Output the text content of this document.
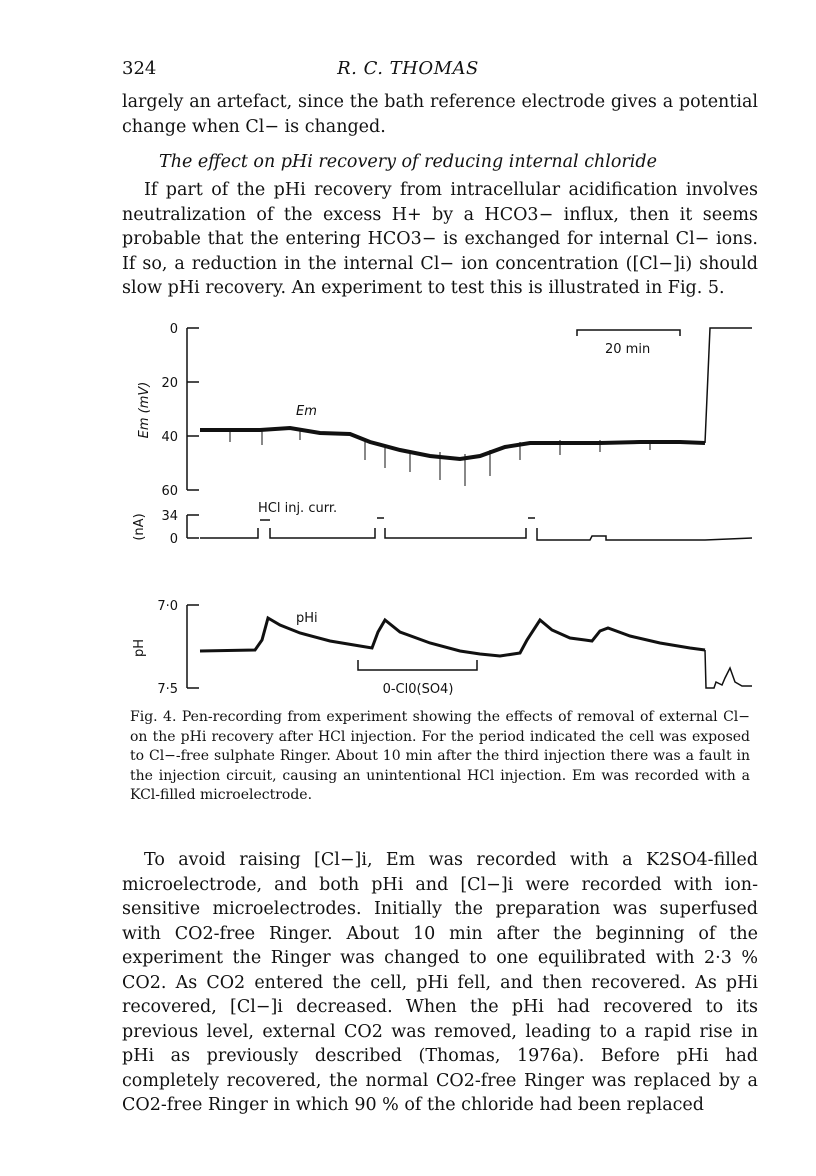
324	R. C. THOMAS

largely an artefact, since the bath reference electrode gives a potential change when Cl− is changed.

The effect on pHi recovery of reducing internal chloride

If part of the pHi recovery from intracellular acidification involves neutralization of the excess H+ by a HCO3− influx, then it seems probable that the entering HCO3− is exchanged for internal Cl− ions. If so, a reduction in the internal Cl− ion concentration ([Cl−]i) should slow pHi recovery. An experiment to test this is illustrated in Fig. 5.

0
20
40
60
Em (mV)	Em
20 min
34
0
(nA)
HCl inj. curr.
7·0
7·5
pH
pHi
0-Cl0(SO4)
Fig. 4. Pen-recording from experiment showing the effects of removal of external Cl− on the pHi recovery after HCl injection. For the period indicated the cell was exposed to Cl−-free sulphate Ringer. About 10 min after the third injection there was a fault in the injection circuit, causing an unintentional HCl injection. Em was recorded with a KCl-filled microelectrode.

To avoid raising [Cl−]i, Em was recorded with a K2SO4-filled microelectrode, and both pHi and [Cl−]i were recorded with ion-sensitive microelectrodes. Initially the preparation was superfused with CO2-free Ringer. About 10 min after the beginning of the experiment the Ringer was changed to one equilibrated with 2·3 % CO2. As CO2 entered the cell, pHi fell, and then recovered. As pHi recovered, [Cl−]i decreased. When the pHi had recovered to its previous level, external CO2 was removed, leading to a rapid rise in pHi as previously described (Thomas, 1976a). Before pHi had completely recovered, the normal CO2-free Ringer was replaced by a CO2-free Ringer in which 90 % of the chloride had been replaced
